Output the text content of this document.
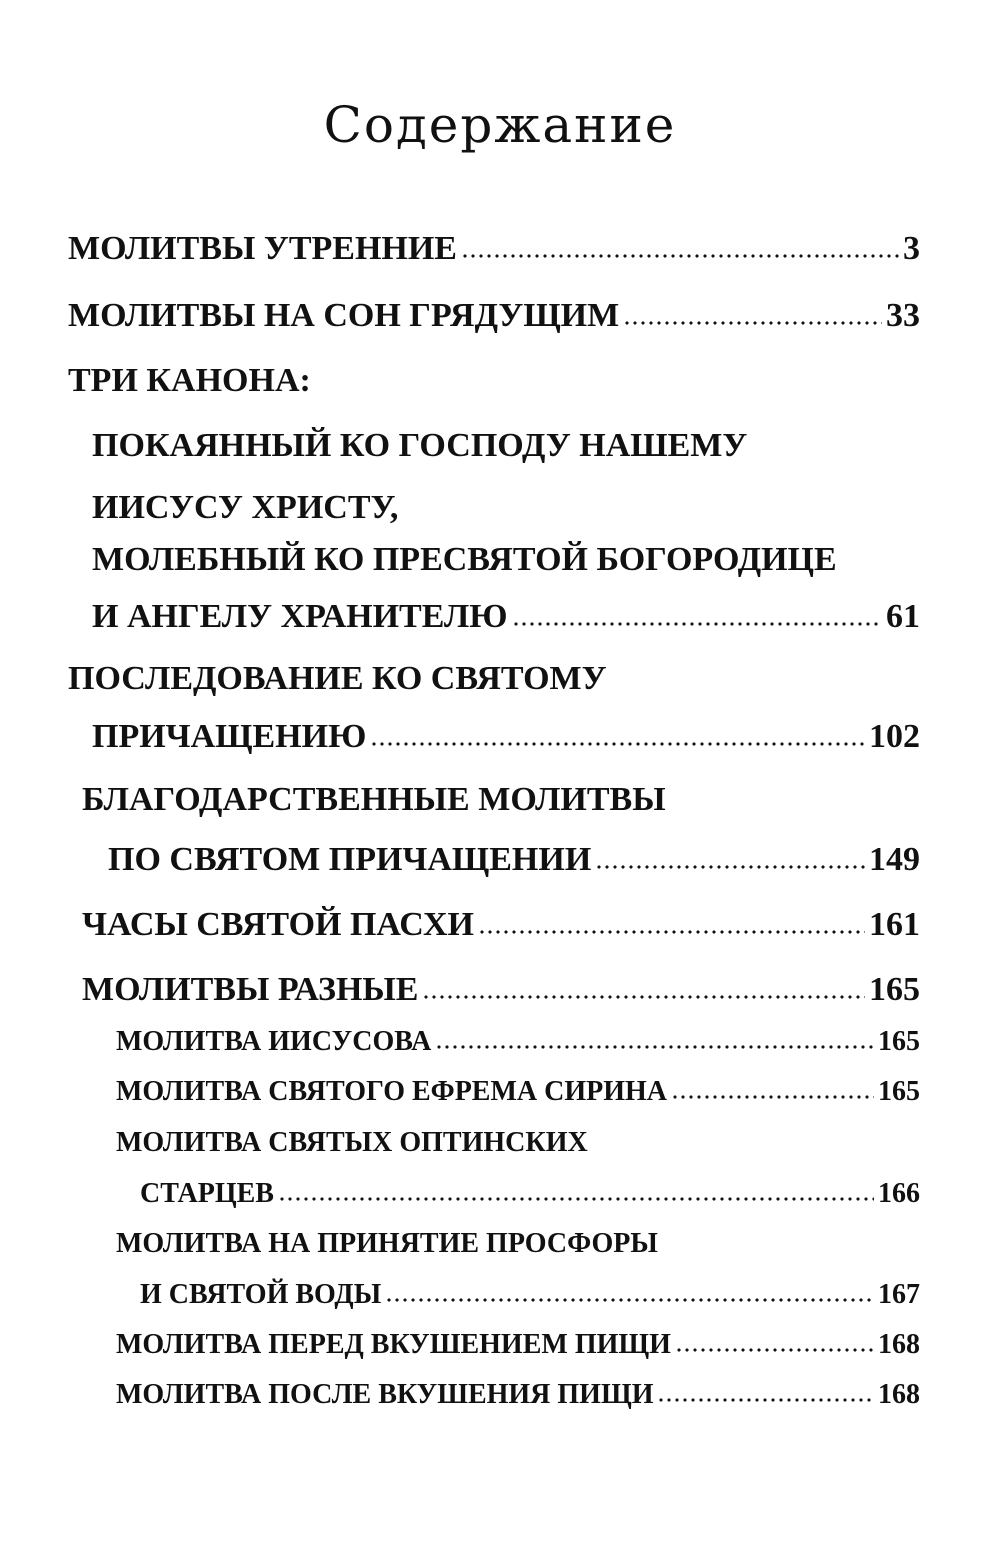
Содержание
МОЛИТВЫ УТРЕННИЕ	3
МОЛИТВЫ НА СОН ГРЯДУЩИМ	33
ТРИ КАНОНА:
ПОКАЯННЫЙ КО ГОСПОДУ НАШЕМУ
ИИСУСУ ХРИСТУ,
МОЛЕБНЫЙ КО ПРЕСВЯТОЙ БОГОРОДИЦЕ
И АНГЕЛУ ХРАНИТЕЛЮ	61
ПОСЛЕДОВАНИЕ КО СВЯТОМУ
ПРИЧАЩЕНИЮ	102
БЛАГОДАРСТВЕННЫЕ МОЛИТВЫ
ПО СВЯТОМ ПРИЧАЩЕНИИ	149
ЧАСЫ СВЯТОЙ ПАСХИ	161
МОЛИТВЫ РАЗНЫЕ	165
МОЛИТВА ИИСУСОВА	165
МОЛИТВА СВЯТОГО ЕФРЕМА СИРИНА	165
МОЛИТВА СВЯТЫХ ОПТИНСКИХ
СТАРЦЕВ	166
МОЛИТВА НА ПРИНЯТИЕ ПРОСФОРЫ
И СВЯТОЙ ВОДЫ	167
МОЛИТВА ПЕРЕД ВКУШЕНИЕМ ПИЩИ	168
МОЛИТВА ПОСЛЕ ВКУШЕНИЯ ПИЩИ	168
